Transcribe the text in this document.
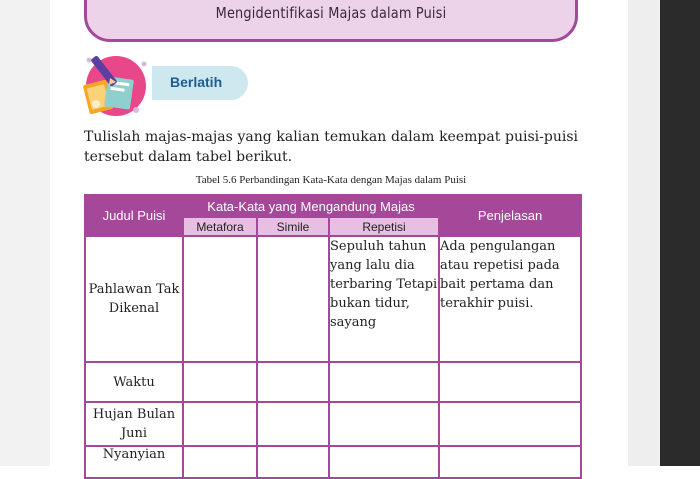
Mengidentifikasi Majas dalam Puisi
Berlatih
Tulislah majas-majas yang kalian temukan dalam keempat puisi-puisi tersebut dalam tabel berikut.
Tabel 5.6 Perbandingan Kata-Kata dengan Majas dalam Puisi
Judul Puisi	Kata-Kata yang Mengandung Majas			Penjelasan
	Metafora	Simile	Repetisi	
Pahlawan Tak Dikenal			Sepuluh tahun yang lalu dia terbaring Tetapi bukan tidur, sayang	Ada pengulangan atau repetisi pada bait pertama dan terakhir puisi.
Waktu				
Hujan Bulan Juni				
Nyanyian				
